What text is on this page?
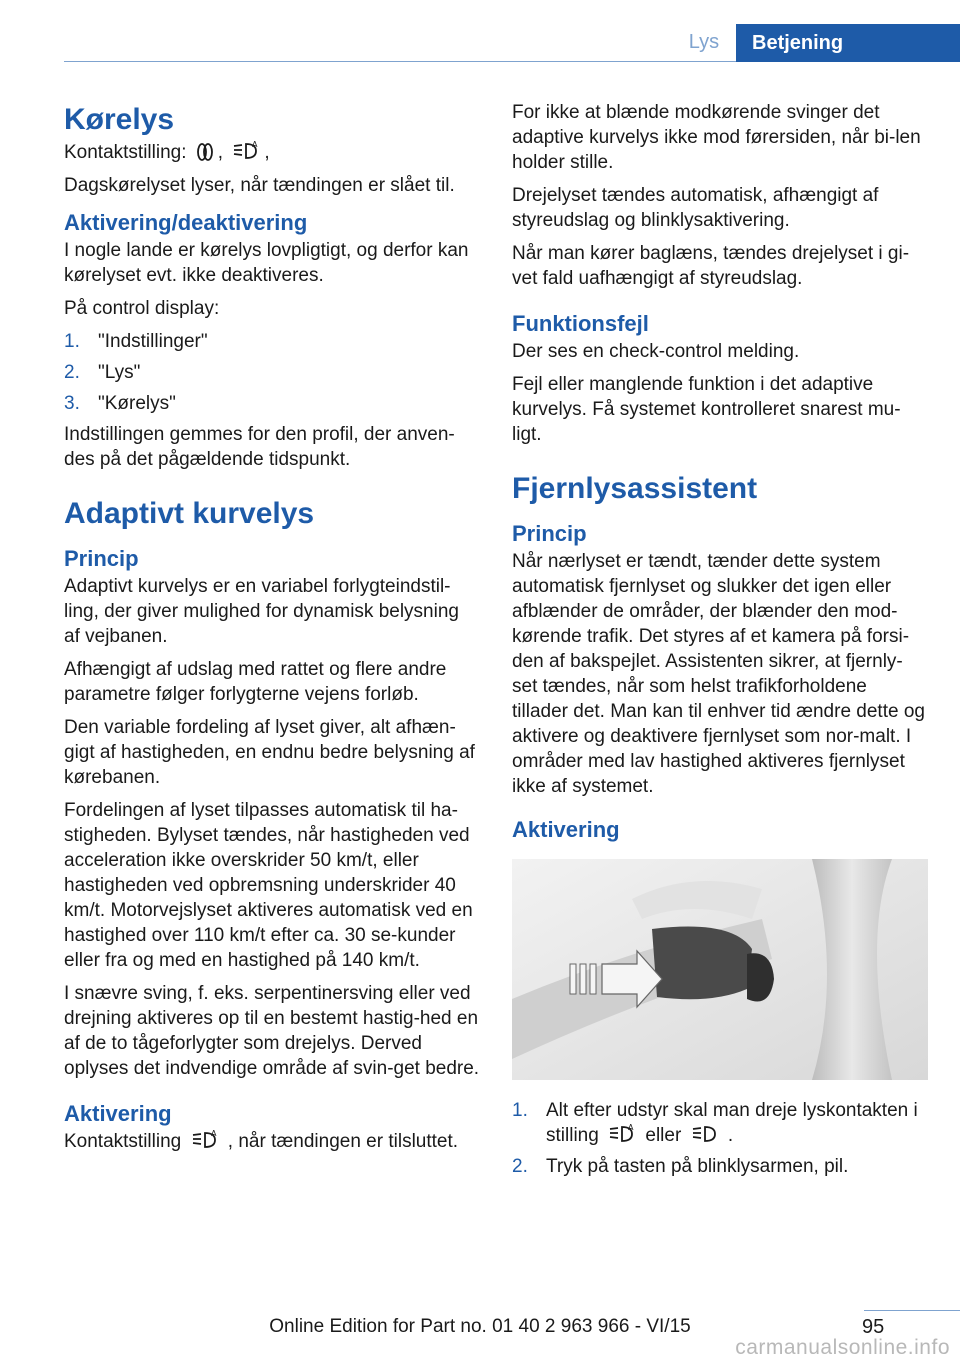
Lys	Betjening
Kørelys

Kontaktstilling: ,	A ,

Dagskørelyset lyser, når tændingen er slået til.

Aktivering/deaktivering

I nogle lande er kørelys lovpligtigt, og derfor kan kørelyset evt. ikke deaktiveres.

På control display:

1. "Indstillinger"
2. "Lys"
3. "Kørelys"

Indstillingen gemmes for den profil, der anven‐des på det pågældende tidspunkt.

Adaptivt kurvelys
Princip

Adaptivt kurvelys er en variabel forlygteindstil‐ling, der giver mulighed for dynamisk belysning af vejbanen.

Afhængigt af udslag med rattet og flere andre parametre følger forlygterne vejens forløb.

Den variable fordeling af lyset giver, alt afhæn‐gigt af hastigheden, en endnu bedre belysning af kørebanen.

Fordelingen af lyset tilpasses automatisk til ha‐stigheden. Bylyset tændes, når hastigheden ved acceleration ikke overskrider 50 km/t, eller hastigheden ved opbremsning underskrider 40 km/t. Motorvejslyset aktiveres automatisk ved en hastighed over 110 km/t efter ca. 30 se‐kunder eller fra og med en hastighed på 140 km/t.

I snævre sving, f. eks. serpentinersving eller ved drejning aktiveres op til en bestemt hastig‐hed en af de to tågeforlygter som drejelys. Derved oplyses det indvendige område af svin‐get bedre.

Aktivering

Kontaktstilling	A , når tændingen er tilsluttet.

For ikke at blænde modkørende svinger det adaptive kurvelys ikke mod førersiden, når bi‐len holder stille.

Drejelyset tændes automatisk, afhængigt af styreudslag og blinklysaktivering.

Når man kører baglæns, tændes drejelyset i gi‐vet fald uafhængigt af styreudslag.

Funktionsfejl

Der ses en check-control melding.

Fejl eller manglende funktion i det adaptive kurvelys. Få systemet kontrolleret snarest mu‐ligt.

Fjernlysassistent
Princip

Når nærlyset er tændt, tænder dette system automatisk fjernlyset og slukker det igen eller afblænder de områder, der blænder den mod‐kørende trafik. Det styres af et kamera på forsi‐den af bakspejlet. Assistenten sikrer, at fjernly‐set tændes, når som helst trafikforholdene tillader det. Man kan til enhver tid ændre dette og aktivere og deaktivere fjernlyset som nor‐malt. I områder med lav hastighed aktiveres fjernlyset ikke af systemet.

Aktivering
1. Alt efter udstyr skal man dreje lyskontakten i stilling	A eller .
2. Tryk på tasten på blinklysarmen, pil.
95
Online Edition for Part no. 01 40 2 963 966 - VI/15
carmanualsonline.info
